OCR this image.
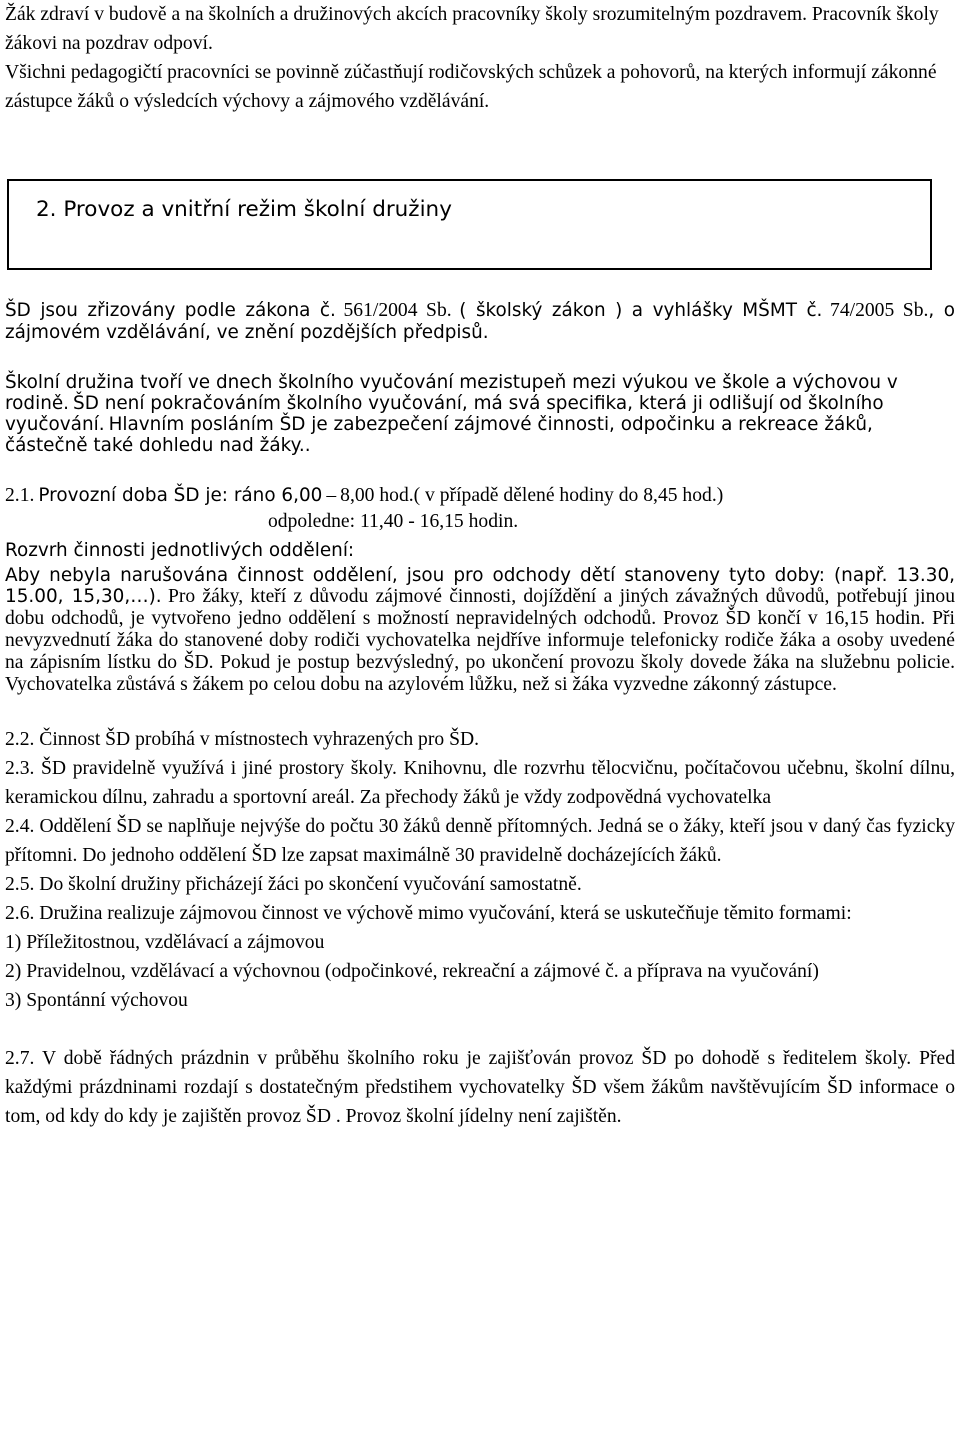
Žák zdraví v budově a na školních a družinových akcích pracovníky školy srozumitelným pozdravem. Pracovník školy žákovi na pozdrav odpoví.

Všichni pedagogičtí pracovníci se povinně zúčastňují rodičovských schůzek a pohovorů, na kterých informují zákonné zástupce žáků o výsledcích výchovy a zájmového vzdělávání.

2. Provoz a vnitřní režim školní družiny

ŠD jsou zřizovány podle zákona č. 561/2004 Sb. ( školský zákon ) a vyhlášky MŠMT č. 74/2005 Sb., o zájmovém vzdělávání, ve znění pozdějších předpisů.

Školní družina tvoří ve dnech školního vyučování mezistupeň mezi výukou ve škole a výchovou v rodině. ŠD není pokračováním školního vyučování, má svá specifika, která ji odlišují od školního vyučování. Hlavním posláním ŠD je zabezpečení zájmové činnosti, odpočinku a rekreace žáků, částečně také dohledu nad žáky..

2.1. Provozní doba ŠD je: ráno 6,00 – 8,00 hod.( v případě dělené hodiny do 8,45 hod.)

odpoledne: 11,40 - 16,15 hodin.

Rozvrh činnosti jednotlivých oddělení:

Aby nebyla narušována činnost oddělení, jsou pro odchody dětí stanoveny tyto doby: (např. 13.30, 15.00, 15,30,…). Pro žáky, kteří z důvodu zájmové činnosti, dojíždění a jiných závažných důvodů, potřebují jinou dobu odchodů, je vytvořeno jedno oddělení s možností nepravidelných odchodů. Provoz ŠD končí v 16,15 hodin. Při nevyzvednutí žáka do stanovené doby rodiči vychovatelka nejdříve informuje telefonicky rodiče žáka a osoby uvedené na zápisním lístku do ŠD. Pokud je postup bezvýsledný, po ukončení provozu školy dovede žáka na služebnu policie. Vychovatelka zůstává s žákem po celou dobu na azylovém lůžku, než si žáka vyzvedne zákonný zástupce.

2.2. Činnost ŠD probíhá v místnostech vyhrazených pro ŠD.

2.3. ŠD pravidelně využívá i jiné prostory školy. Knihovnu, dle rozvrhu tělocvičnu, počítačovou učebnu, školní dílnu, keramickou dílnu, zahradu a sportovní areál. Za přechody žáků je vždy zodpovědná vychovatelka

2.4. Oddělení ŠD se naplňuje nejvýše do počtu 30 žáků denně přítomných. Jedná se o žáky, kteří jsou v daný čas fyzicky přítomni. Do jednoho oddělení ŠD lze zapsat maximálně 30 pravidelně docházejících žáků.

2.5. Do školní družiny přicházejí žáci po skončení vyučování samostatně.

2.6. Družina realizuje zájmovou činnost ve výchově mimo vyučování, která se uskutečňuje těmito formami:

1) Příležitostnou, vzdělávací a zájmovou

2) Pravidelnou, vzdělávací a výchovnou (odpočinkové, rekreační a zájmové č. a příprava na vyučování)

3) Spontánní výchovou

2.7. V době řádných prázdnin v průběhu školního roku je zajišťován provoz ŠD po dohodě s ředitelem školy. Před každými prázdninami rozdají s dostatečným předstihem vychovatelky ŠD všem žákům navštěvujícím ŠD informace o tom, od kdy do kdy je zajištěn provoz ŠD . Provoz školní jídelny není zajištěn.
